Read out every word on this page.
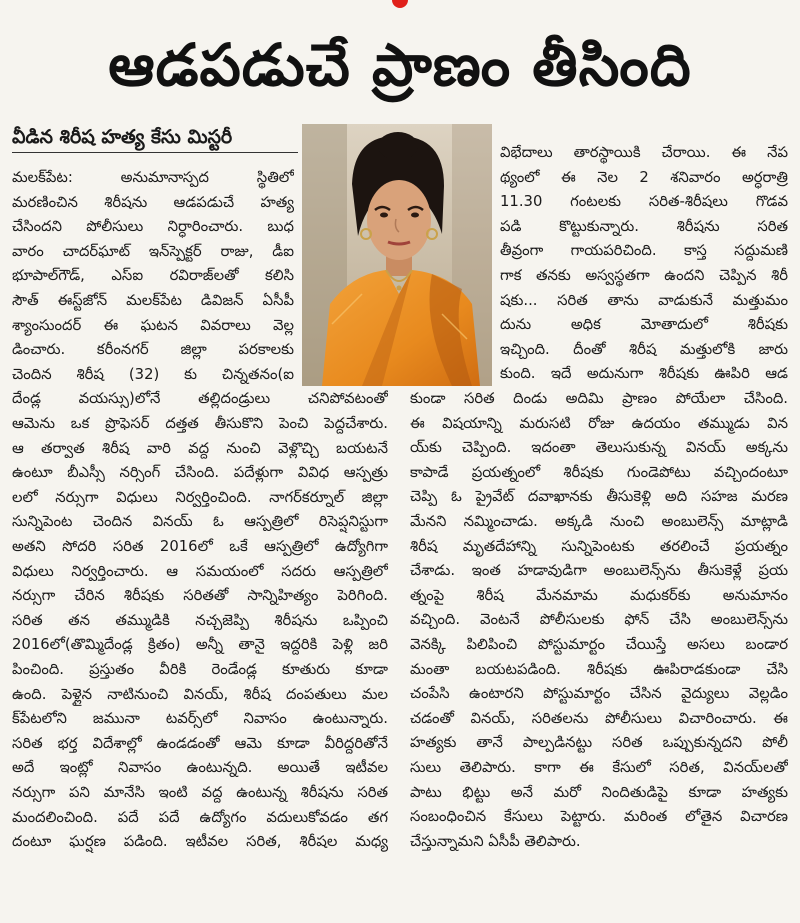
ఆడపడుచే ప్రాణం తీసింది
వీడిన శిరీష హత్య కేసు మిస్టరీ
మలక్‌పేట: అనుమానాస్పద స్థితిలో
మరణించిన శిరీషను ఆడపడుచే హత్య
చేసిందని పోలీసులు నిర్ధారించారు. బుధ
వారం చాదర్‌ఘాట్ ఇన్‌స్పెక్టర్ రాజు, డీఐ
భూపాల్‌గౌడ్, ఎస్‌ఐ రవిరాజ్‌లతో కలిసి
సౌత్ ఈస్ట్‌జోన్ మలక్‌పేట డివిజన్ ఏసీపీ
శ్యాంసుందర్ ఈ ఘటన వివరాలు వెల్ల
డించారు. కరీంనగర్ జిల్లా పరకాలకు
చెందిన శిరీష (32) కు చిన్నతనం(ఐ
దేండ్ల వయస్సు)లోనే తల్లిదండ్రులు చనిపోవటంతో
ఆమెను ఒక ప్రొఫెసర్ దత్తత తీసుకొని పెంచి పెద్దచేశారు.
ఆ తర్వాత శిరీష వారి వద్ద నుంచి వెళ్లొచ్చి బయటనే
ఉంటూ బీఎస్సీ నర్సింగ్ చేసింది. పదేళ్లుగా వివిధ ఆస్పత్రు
లలో నర్సుగా విధులు నిర్వర్తించింది. నాగర్‌కర్నూల్ జిల్లా
సున్నిపెంట చెందిన వినయ్ ఓ ఆస్పత్రిలో రిసెప్షనిస్టుగా
అతని సోదరి సరిత 2016లో ఒకే ఆస్పత్రిలో ఉద్యోగిగా
విధులు నిర్వర్తించారు. ఆ సమయంలో సదరు ఆస్పత్రిలో
నర్సుగా చేరిన శిరీషకు సరితతో సాన్నిహిత్యం పెరిగింది.
సరిత తన తమ్ముడికి నచ్చజెప్పి శిరీషను ఒప్పించి
2016లో(తొమ్మిదేండ్ల క్రితం) అన్నీ తానై ఇద్దరికి పెళ్లి జరి
పించింది. ప్రస్తుతం వీరికి రెండేండ్ల కూతురు కూడా
ఉంది. పెళ్లైన నాటినుంచి వినయ్, శిరీష దంపతులు మల
క్‌పేటలోని జమునా టవర్స్‌లో నివాసం ఉంటున్నారు.
సరిత భర్త విదేశాల్లో ఉండడంతో ఆమె కూడా వీరిద్దరితోనే
అదే ఇంట్లో నివాసం ఉంటున్నది. అయితే ఇటీవల
నర్సుగా పని మానేసి ఇంటి వద్ద ఉంటున్న శిరీషను సరిత
మందలించింది. పదే పదే ఉద్యోగం వదులుకోవడం తగ
దంటూ ఘర్షణ పడింది. ఇటీవల సరిత, శిరీషల మధ్య
విభేదాలు తారస్థాయికి చేరాయి. ఈ నేప
థ్యంలో ఈ నెల 2 శనివారం అర్ధరాత్రి
11.30 గంటలకు సరిత-శిరీషలు గొడవ
పడి కొట్టుకున్నారు. శిరీషను సరిత
తీవ్రంగా గాయపరిచింది. కాస్త సద్దుమణి
గాక తనకు అస్వస్థతగా ఉందని చెప్పిన శిరీ
షకు... సరిత తాను వాడుకునే మత్తుమం
దును అధిక మోతాదులో శిరీషకు
ఇచ్చింది. దీంతో శిరీష మత్తులోకి జారు
కుంది. ఇదే అదునుగా శిరీషకు ఊపిరి ఆడ
కుండా సరిత దిండు అదిమి ప్రాణం పోయేలా చేసింది.
ఈ విషయాన్ని మరుసటి రోజు ఉదయం తమ్ముడు విన
య్‌కు చెప్పింది. ఇదంతా తెలుసుకున్న వినయ్ అక్కను
కాపాడే ప్రయత్నంలో శిరీషకు గుండెపోటు వచ్చిందంటూ
చెప్పి ఓ ప్రైవేట్ దవాఖానకు తీసుకెళ్లి అది సహజ మరణ
మేనని నమ్మించాడు. అక్కడి నుంచి అంబులెన్స్ మాట్లాడి
శిరీష మృతదేహాన్ని సున్నిపెంటకు తరలించే ప్రయత్నం
చేశాడు. ఇంత హడావుడిగా అంబులెన్స్‌ను తీసుకెళ్లే ప్రయ
త్నంపై శిరీష మేనమామ మధుకర్‌కు అనుమానం
వచ్చింది. వెంటనే పోలీసులకు ఫోన్ చేసి అంబులెన్స్‌ను
వెనక్కి పిలిపించి పోస్టుమార్టం చేయిస్తే అసలు బండార
మంతా బయటపడింది. శిరీషకు ఊపిరాడకుండా చేసి
చంపేసి ఉంటారని పోస్టుమార్టం చేసిన వైద్యులు వెల్లడిం
చడంతో వినయ్, సరితలను పోలీసులు విచారించారు. ఈ
హత్యకు తానే పాల్పడినట్టు సరిత ఒప్పుకున్నదని పోలీ
సులు తెలిపారు. కాగా ఈ కేసులో సరిత, వినయ్‌లతో
పాటు భిట్టు అనే మరో నిందితుడిపై కూడా హత్యకు
సంబంధించిన కేసులు పెట్టారు. మరింత లోతైన విచారణ
చేస్తున్నామని ఏసీపీ తెలిపారు.
